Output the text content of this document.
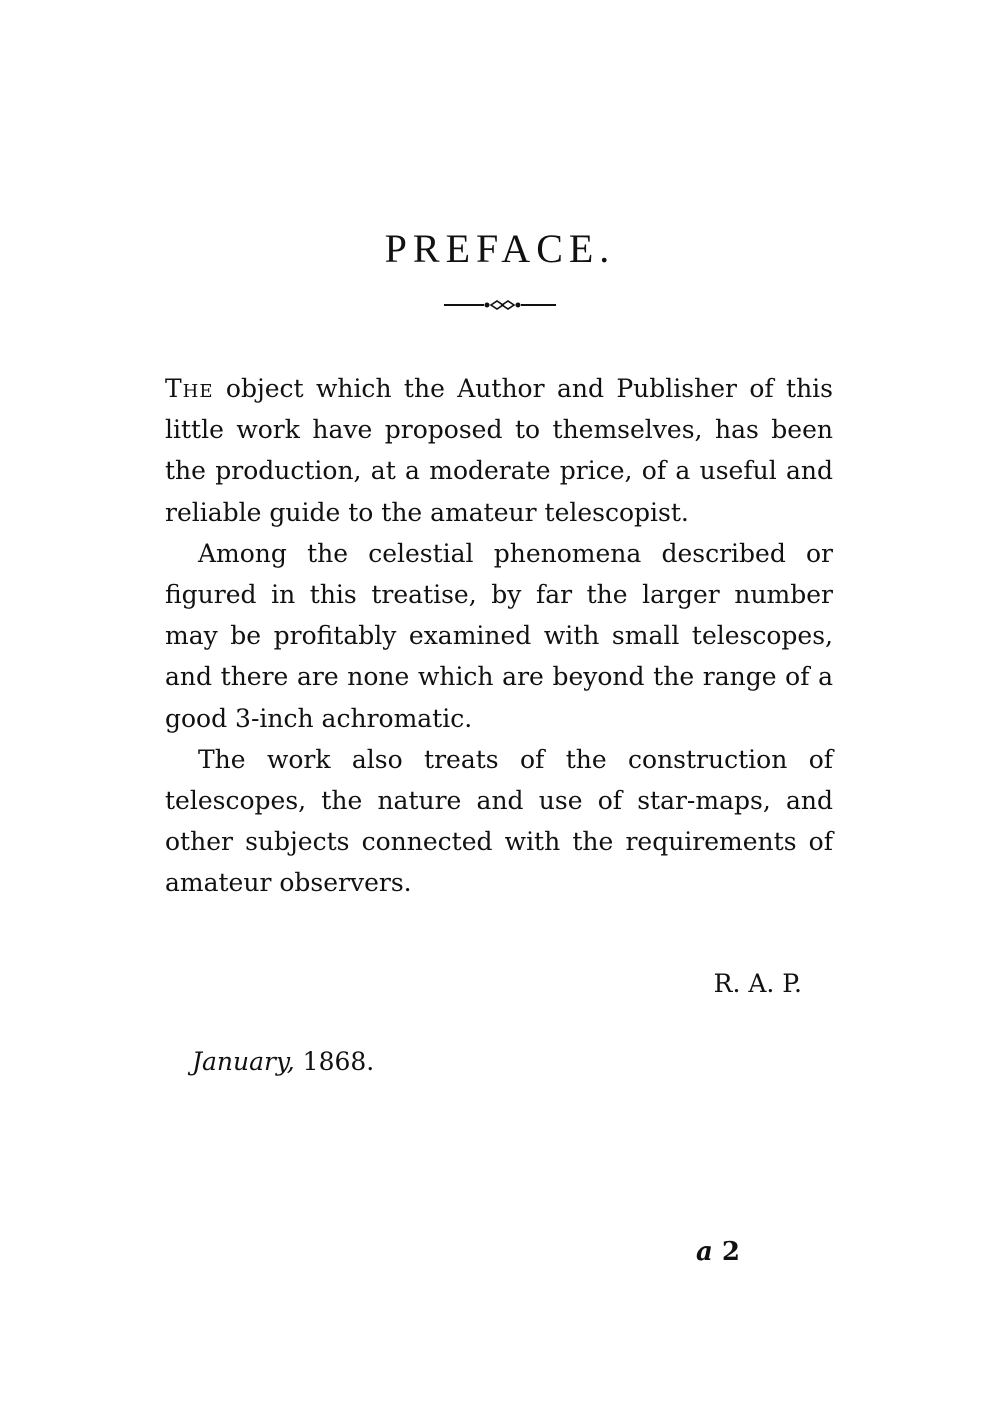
PREFACE.

The object which the Author and Publisher of this little work have proposed to themselves, has been the production, at a moderate price, of a useful and reliable guide to the amateur telescopist.

Among the celestial phenomena described or figured in this treatise, by far the larger number may be profitably examined with small telescopes, and there are none which are beyond the range of a good 3-inch achromatic.

The work also treats of the construction of telescopes, the nature and use of star-maps, and other subjects connected with the requirements of amateur observers.

R. A. P.
January, 1868.
a 2
